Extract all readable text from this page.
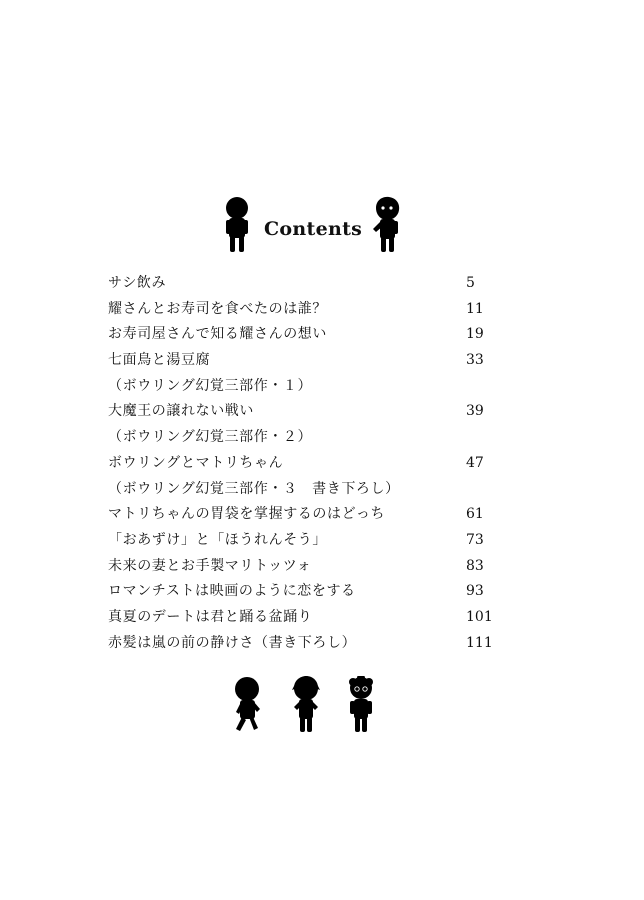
Contents
サシ飲み	5
耀さんとお寿司を食べたのは誰？	11
お寿司屋さんで知る耀さんの想い	19
七面鳥と湯豆腐	33
（ボウリング幻覚三部作・１）
大魔王の譲れない戦い	39
（ボウリング幻覚三部作・２）
ボウリングとマトリちゃん	47
（ボウリング幻覚三部作・３　書き下ろし）
マトリちゃんの胃袋を掌握するのはどっち	61
「おあずけ」と「ほうれんそう」	73
未来の妻とお手製マリトッツォ	83
ロマンチストは映画のように恋をする	93
真夏のデートは君と踊る盆踊り	101
赤髪は嵐の前の静けさ（書き下ろし）	111
